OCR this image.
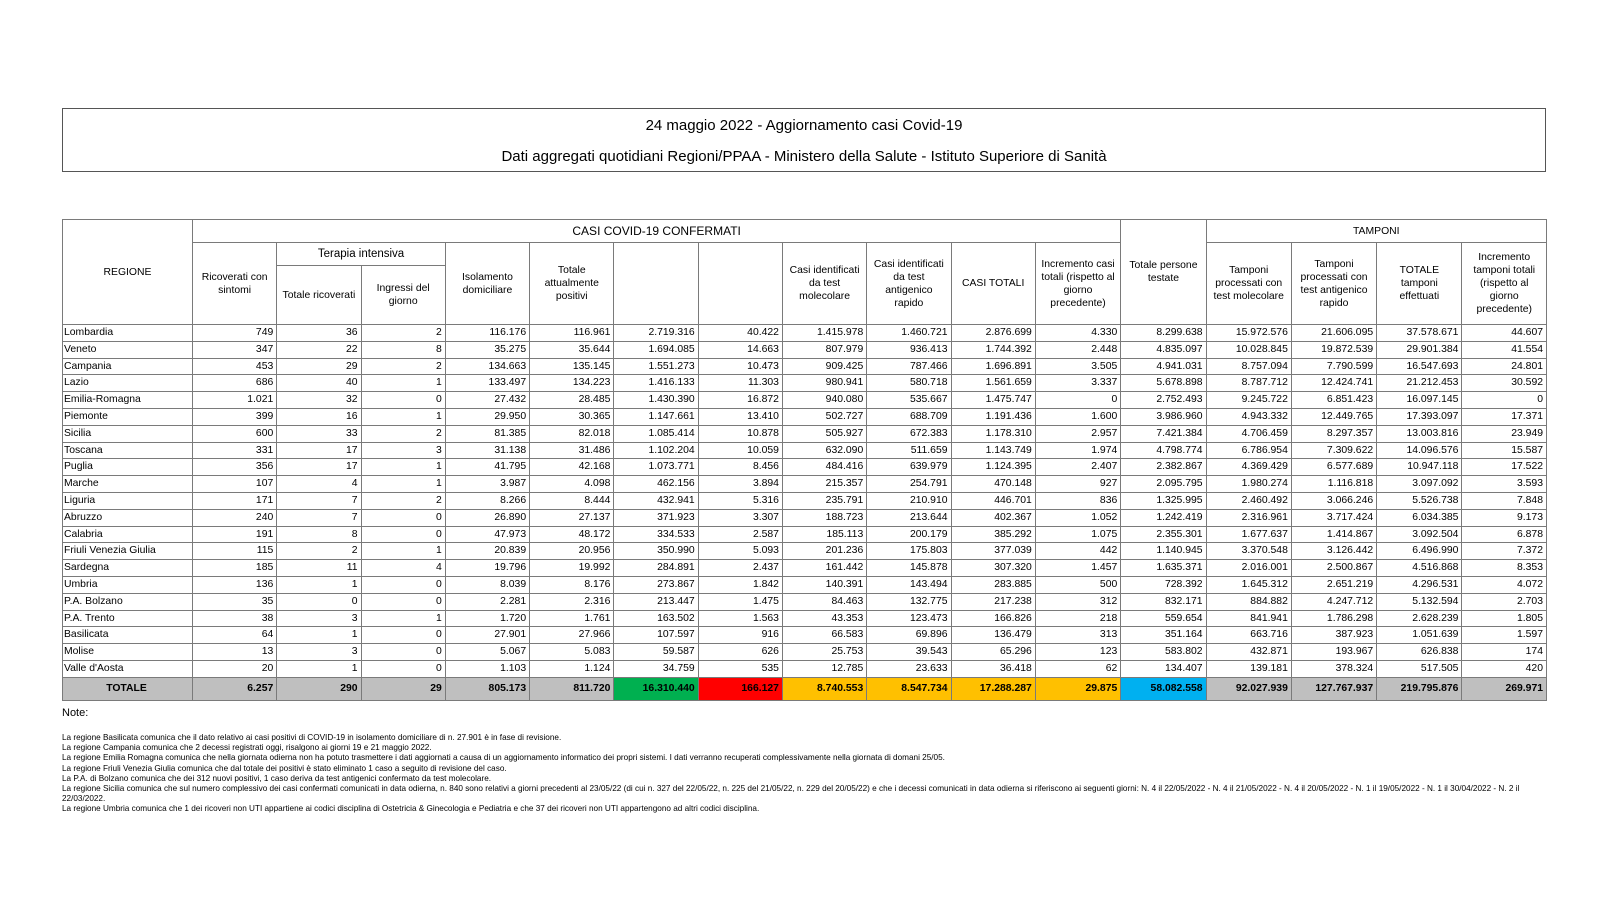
24 maggio 2022 - Aggiornamento casi Covid-19
Dati aggregati quotidiani Regioni/PPAA - Ministero della Salute - Istituto Superiore di Sanità
REGIONE	CASI COVID-19 CONFERMATI											Totale persone testate	TAMPONI			
	Ricoverati con sintomi	Terapia intensiva		Isolamento domiciliare	Totale attualmente positivi	DIMESSI GUARITI	DECEDUTI	Casi identificati da test molecolare	Casi identificati da test antigenico rapido	CASI TOTALI	Incremento casi totali (rispetto al giorno precedente)		Tamponi processati con test molecolare	Tamponi processati con test antigenico rapido	TOTALE tamponi effettuati	Incremento tamponi totali (rispetto al giorno precedente)
		Totale ricoverati	Ingressi del giorno													
Lombardia	749	36	2	116.176	116.961	2.719.316	40.422	1.415.978	1.460.721	2.876.699	4.330	8.299.638	15.972.576	21.606.095	37.578.671	44.607
Veneto	347	22	8	35.275	35.644	1.694.085	14.663	807.979	936.413	1.744.392	2.448	4.835.097	10.028.845	19.872.539	29.901.384	41.554
Campania	453	29	2	134.663	135.145	1.551.273	10.473	909.425	787.466	1.696.891	3.505	4.941.031	8.757.094	7.790.599	16.547.693	24.801
Lazio	686	40	1	133.497	134.223	1.416.133	11.303	980.941	580.718	1.561.659	3.337	5.678.898	8.787.712	12.424.741	21.212.453	30.592
Emilia-Romagna	1.021	32	0	27.432	28.485	1.430.390	16.872	940.080	535.667	1.475.747	0	2.752.493	9.245.722	6.851.423	16.097.145	0
Piemonte	399	16	1	29.950	30.365	1.147.661	13.410	502.727	688.709	1.191.436	1.600	3.986.960	4.943.332	12.449.765	17.393.097	17.371
Sicilia	600	33	2	81.385	82.018	1.085.414	10.878	505.927	672.383	1.178.310	2.957	7.421.384	4.706.459	8.297.357	13.003.816	23.949
Toscana	331	17	3	31.138	31.486	1.102.204	10.059	632.090	511.659	1.143.749	1.974	4.798.774	6.786.954	7.309.622	14.096.576	15.587
Puglia	356	17	1	41.795	42.168	1.073.771	8.456	484.416	639.979	1.124.395	2.407	2.382.867	4.369.429	6.577.689	10.947.118	17.522
Marche	107	4	1	3.987	4.098	462.156	3.894	215.357	254.791	470.148	927	2.095.795	1.980.274	1.116.818	3.097.092	3.593
Liguria	171	7	2	8.266	8.444	432.941	5.316	235.791	210.910	446.701	836	1.325.995	2.460.492	3.066.246	5.526.738	7.848
Abruzzo	240	7	0	26.890	27.137	371.923	3.307	188.723	213.644	402.367	1.052	1.242.419	2.316.961	3.717.424	6.034.385	9.173
Calabria	191	8	0	47.973	48.172	334.533	2.587	185.113	200.179	385.292	1.075	2.355.301	1.677.637	1.414.867	3.092.504	6.878
Friuli Venezia Giulia	115	2	1	20.839	20.956	350.990	5.093	201.236	175.803	377.039	442	1.140.945	3.370.548	3.126.442	6.496.990	7.372
Sardegna	185	11	4	19.796	19.992	284.891	2.437	161.442	145.878	307.320	1.457	1.635.371	2.016.001	2.500.867	4.516.868	8.353
Umbria	136	1	0	8.039	8.176	273.867	1.842	140.391	143.494	283.885	500	728.392	1.645.312	2.651.219	4.296.531	4.072
P.A. Bolzano	35	0	0	2.281	2.316	213.447	1.475	84.463	132.775	217.238	312	832.171	884.882	4.247.712	5.132.594	2.703
P.A. Trento	38	3	1	1.720	1.761	163.502	1.563	43.353	123.473	166.826	218	559.654	841.941	1.786.298	2.628.239	1.805
Basilicata	64	1	0	27.901	27.966	107.597	916	66.583	69.896	136.479	313	351.164	663.716	387.923	1.051.639	1.597
Molise	13	3	0	5.067	5.083	59.587	626	25.753	39.543	65.296	123	583.802	432.871	193.967	626.838	174
Valle d'Aosta	20	1	0	1.103	1.124	34.759	535	12.785	23.633	36.418	62	134.407	139.181	378.324	517.505	420
TOTALE	6.257	290	29	805.173	811.720	16.310.440	166.127	8.740.553	8.547.734	17.288.287	29.875	58.082.558	92.027.939	127.767.937	219.795.876	269.971
Note:
La regione Basilicata comunica che il dato relativo ai casi positivi di COVID-19 in isolamento domiciliare di n. 27.901 è in fase di revisione.
La regione Campania comunica che 2 decessi registrati oggi, risalgono ai giorni 19 e 21 maggio 2022.
La regione Emilia Romagna comunica che nella giornata odierna non ha potuto trasmettere i dati aggiornati a causa di un aggiornamento informatico dei propri sistemi. I dati verranno recuperati complessivamente nella giornata di domani 25/05.
La regione Friuli Venezia Giulia comunica che dal totale dei positivi è stato eliminato 1 caso a seguito di revisione del caso.
La P.A. di Bolzano comunica che dei 312 nuovi positivi, 1 caso deriva da test antigenici confermato da test molecolare.
La regione Sicilia comunica che sul numero complessivo dei casi confermati comunicati in data odierna, n. 840 sono relativi a giorni precedenti al 23/05/22 (di cui n. 327 del 22/05/22, n. 225 del 21/05/22, n. 229 del 20/05/22) e che i decessi comunicati in data odierna si riferiscono ai seguenti giorni: N. 4 il 22/05/2022 - N. 4 il 21/05/2022 - N. 4 il 20/05/2022 - N. 1 il 19/05/2022 - N. 1 il 30/04/2022 - N. 2 il 22/03/2022.
La regione Umbria comunica che 1 dei ricoveri non UTI appartiene ai codici disciplina di Ostetricia & Ginecologia e Pediatria e che 37 dei ricoveri non UTI appartengono ad altri codici disciplina.
